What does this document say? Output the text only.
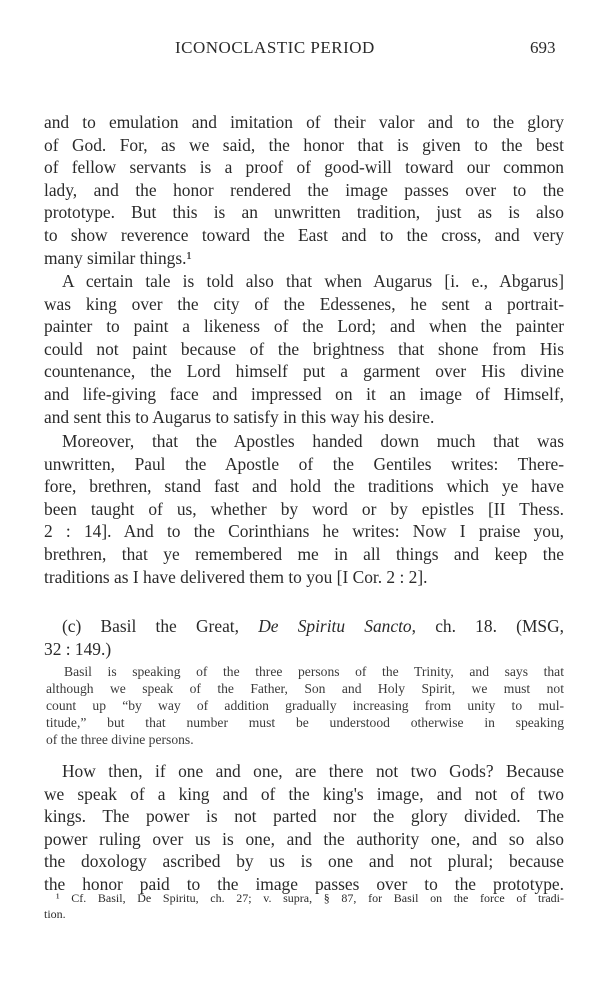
ICONOCLASTIC PERIOD	693
and to emulation and imitation of their valor and to the glory
of God. For, as we said, the honor that is given to the best
of fellow servants is a proof of good-will toward our common
lady, and the honor rendered the image passes over to the
prototype. But this is an unwritten tradition, just as is also
to show reverence toward the East and to the cross, and very
many similar things.¹
A certain tale is told also that when Augarus [i. e., Abgarus]
was king over the city of the Edessenes, he sent a portrait-
painter to paint a likeness of the Lord; and when the painter
could not paint because of the brightness that shone from His
countenance, the Lord himself put a garment over His divine
and life-giving face and impressed on it an image of Himself,
and sent this to Augarus to satisfy in this way his desire.
Moreover, that the Apostles handed down much that was
unwritten, Paul the Apostle of the Gentiles writes: There-
fore, brethren, stand fast and hold the traditions which ye have
been taught of us, whether by word or by epistles [II Thess.
2 : 14]. And to the Corinthians he writes: Now I praise you,
brethren, that ye remembered me in all things and keep the
traditions as I have delivered them to you [I Cor. 2 : 2].
(c) Basil the Great, De Spiritu Sancto, ch. 18. (MSG,
32 : 149.)
Basil is speaking of the three persons of the Trinity, and says that
although we speak of the Father, Son and Holy Spirit, we must not
count up “by way of addition gradually increasing from unity to mul-
titude,” but that number must be understood otherwise in speaking
of the three divine persons.
How then, if one and one, are there not two Gods? Because
we speak of a king and of the king's image, and not of two
kings. The power is not parted nor the glory divided. The
power ruling over us is one, and the authority one, and so also
the doxology ascribed by us is one and not plural; because
the honor paid to the image passes over to the prototype.
¹ Cf. Basil, De Spiritu, ch. 27; v. supra, § 87, for Basil on the force of tradi-
tion.
